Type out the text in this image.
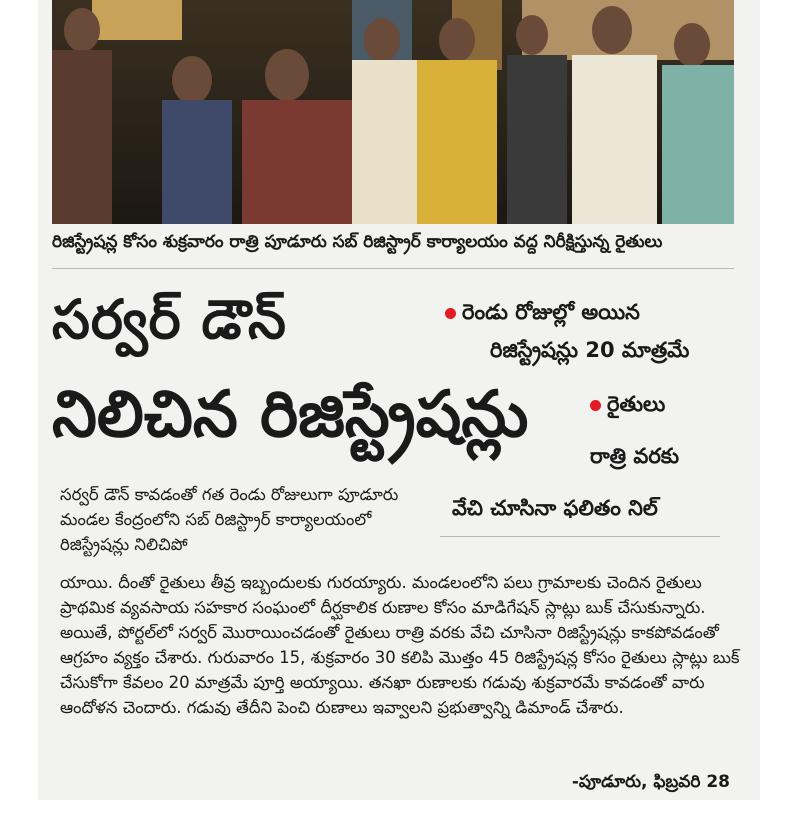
రిజిస్ట్రేషన్ల కోసం శుక్రవారం రాత్రి పూడూరు సబ్ రిజిస్ట్రార్ కార్యాలయం వద్ద నిరీక్షిస్తున్న రైతులు
సర్వర్ డౌన్
నిలిచిన రిజిస్ట్రేషన్లు
రెండు రోజుల్లో అయిన
రిజిస్ట్రేషన్లు 20 మాత్రమే
రైతులు
రాత్రి వరకు
వేచి చూసినా ఫలితం నిల్

సర్వర్ డౌన్ కావడంతో గత రెండు రోజులుగా పూడూరు మండల కేంద్రంలోని సబ్ రిజిస్ట్రార్ కార్యాలయంలో రిజిస్ట్రేషన్లు నిలిచిపో

యాయి. దీంతో రైతులు తీవ్ర ఇబ్బందులకు గురయ్యారు. మండలంలోని పలు గ్రామాలకు చెందిన రైతులు ప్రాథమిక వ్యవసాయ సహకార సంఘంలో దీర్ఘకాలిక రుణాల కోసం మాడిగేషన్ స్లాట్లు బుక్ చేసుకున్నారు. అయితే, పోర్టల్‌లో సర్వర్ మొరాయించడంతో రైతులు రాత్రి వరకు వేచి చూసినా రిజిస్ట్రేషన్లు కాకపోవడంతో ఆగ్రహం వ్యక్తం చేశారు. గురువారం 15, శుక్రవారం 30 కలిపి మొత్తం 45 రిజిస్ట్రేషన్ల కోసం రైతులు స్లాట్లు బుక్ చేసుకోగా కేవలం 20 మాత్రమే పూర్తి అయ్యాయి. తనఖా రుణాలకు గడువు శుక్రవారమే కావడంతో వారు ఆందోళన చెందారు. గడువు తేదీని పెంచి రుణాలు ఇవ్వాలని ప్రభుత్వాన్ని డిమాండ్ చేశారు.

-పూడూరు, ఫిబ్రవరి 28
